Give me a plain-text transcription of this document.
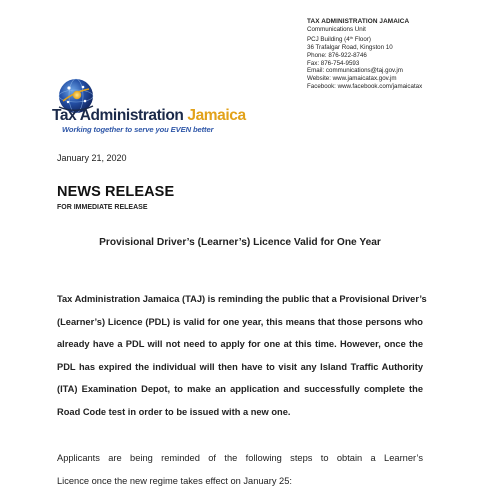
TAX ADMINISTRATION JAMAICA
Communications Unit
PCJ Building (4th Floor)
36 Trafalgar Road, Kingston 10
Phone: 876-922-8746
Fax: 876-754-9593
Email: communications@taj.gov.jm
Website: www.jamaicatax.gov.jm
Facebook: www.facebook.com/jamaicatax
Tax Administration Jamaica
Working together to serve you EVEN better
January 21, 2020
NEWS RELEASE
FOR IMMEDIATE RELEASE
Provisional Driver’s (Learner’s) Licence Valid for One Year
Tax Administration Jamaica (TAJ) is reminding the public that a Provisional Driver’s
(Learner’s) Licence (PDL) is valid for one year, this means that those persons who
already have a PDL will not need to apply for one at this time. However, once the
PDL has expired the individual will then have to visit any Island Traffic Authority
(ITA) Examination Depot, to make an application and successfully complete the
Road Code test in order to be issued with a new one.
Applicants are being reminded of the following steps to obtain a Learner’s
Licence once the new regime takes effect on January 25:
